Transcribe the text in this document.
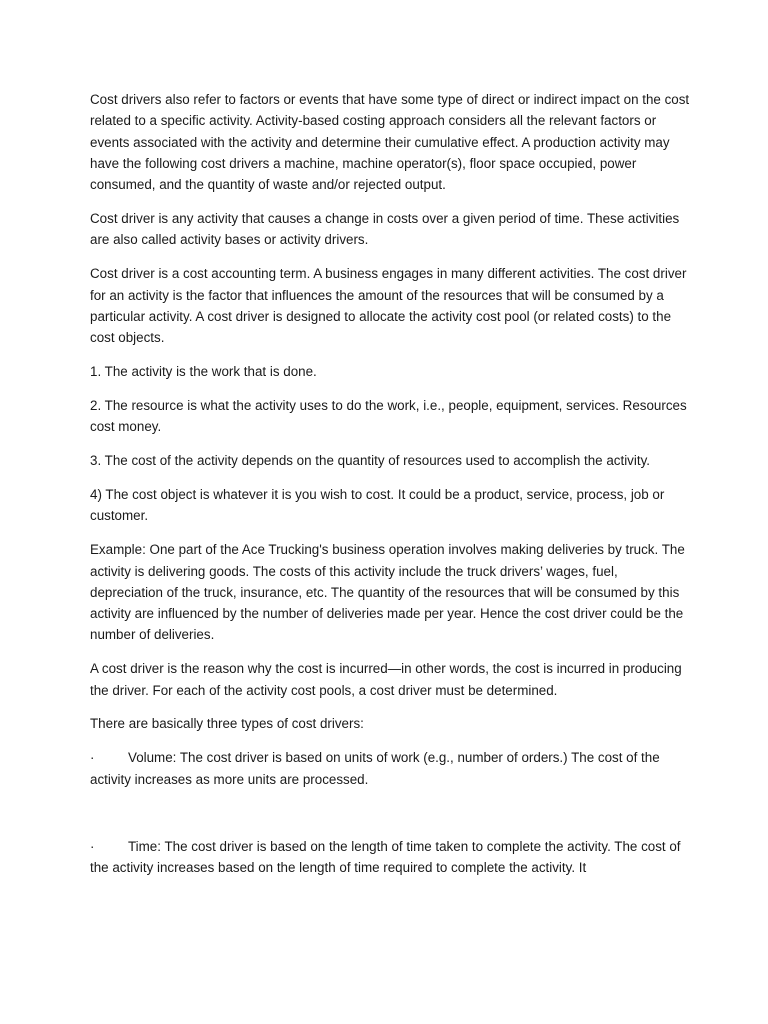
Cost drivers also refer to factors or events that have some type of direct or indirect impact on the cost related to a specific activity. Activity-based costing approach considers all the relevant factors or events associated with the activity and determine their cumulative effect. A production activity may have the following cost drivers a machine, machine operator(s), floor space occupied, power consumed, and the quantity of waste and/or rejected output.

Cost driver is any activity that causes a change in costs over a given period of time. These activities are also called activity bases or activity drivers.

Cost driver is a cost accounting term. A business engages in many different activities. The cost driver for an activity is the factor that influences the amount of the resources that will be consumed by a particular activity. A cost driver is designed to allocate the activity cost pool (or related costs) to the cost objects.

1. The activity is the work that is done.

2. The resource is what the activity uses to do the work, i.e., people, equipment, services. Resources cost money.

3. The cost of the activity depends on the quantity of resources used to accomplish the activity.

4) The cost object is whatever it is you wish to cost. It could be a product, service, process, job or customer.

Example: One part of the Ace Trucking's business operation involves making deliveries by truck. The activity is delivering goods. The costs of this activity include the truck drivers’ wages, fuel, depreciation of the truck, insurance, etc. The quantity of the resources that will be consumed by this activity are influenced by the number of deliveries made per year. Hence the cost driver could be the number of deliveries.

A cost driver is the reason why the cost is incurred—in other words, the cost is incurred in producing the driver. For each of the activity cost pools, a cost driver must be determined.

There are basically three types of cost drivers:

·	Volume: The cost driver is based on units of work (e.g., number of orders.) The cost of the activity increases as more units are processed.
·	Time: The cost driver is based on the length of time taken to complete the activity. The cost of the activity increases based on the length of time required to complete the activity. It
